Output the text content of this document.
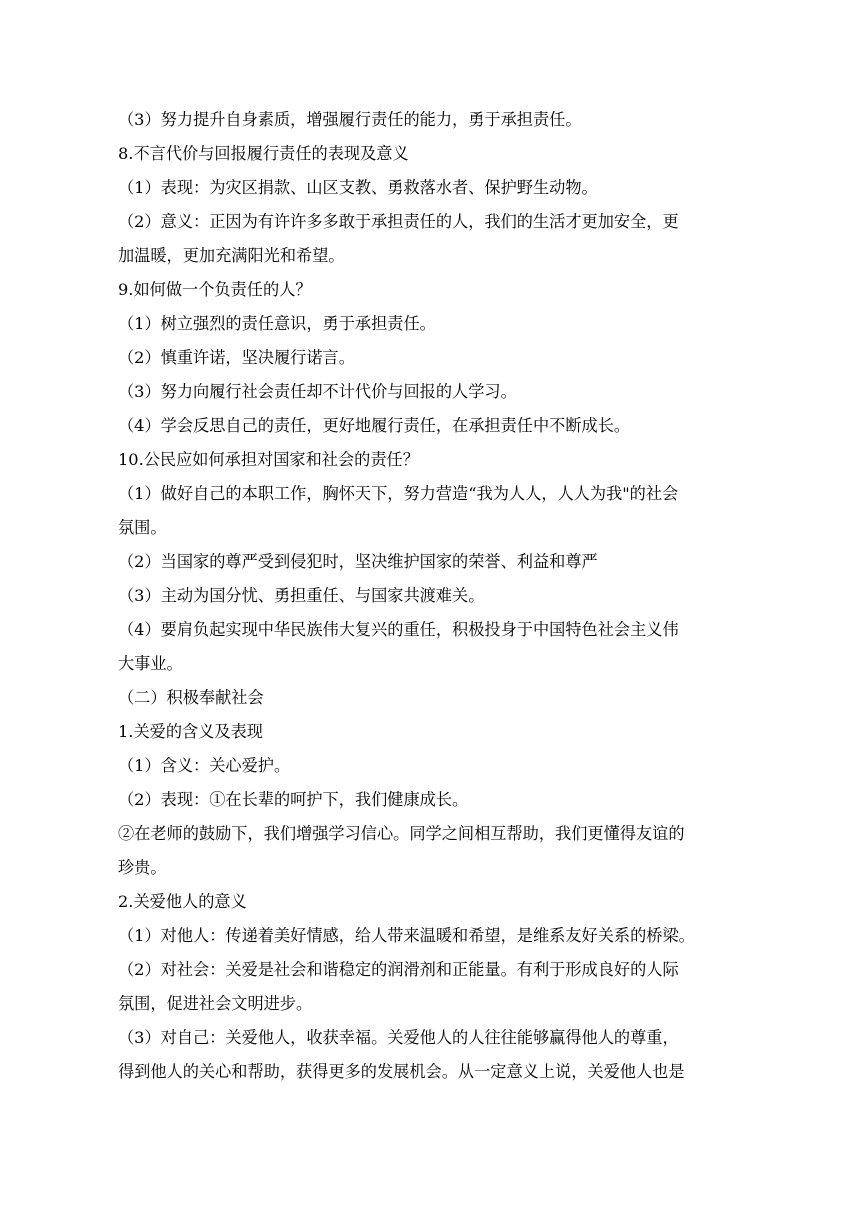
（3）努力提升自身素质，增强履行责任的能力，勇于承担责任。
8.不言代价与回报履行责任的表现及意义
（1）表现：为灾区捐款、山区支教、勇救落水者、保护野生动物。
（2）意义：正因为有许许多多敢于承担责任的人，我们的生活才更加安全，更
加温暖，更加充满阳光和希望。
9.如何做一个负责任的人？
（1）树立强烈的责任意识，勇于承担责任。
（2）慎重许诺，坚决履行诺言。
（3）努力向履行社会责任却不计代价与回报的人学习。
（4）学会反思自己的责任，更好地履行责任，在承担责任中不断成长。
10.公民应如何承担对国家和社会的责任？
（1）做好自己的本职工作，胸怀天下，努力营造“我为人人，人人为我"的社会
氛围。
（2）当国家的尊严受到侵犯时，坚决维护国家的荣誉、利益和尊严
（3）主动为国分忧、勇担重任、与国家共渡难关。
（4）要肩负起实现中华民族伟大复兴的重任，积极投身于中国特色社会主义伟
大事业。
（二）积极奉献社会
1.关爱的含义及表现
（1）含义：关心爱护。
（2）表现：①在长辈的呵护下，我们健康成长。
②在老师的鼓励下，我们增强学习信心。同学之间相互帮助，我们更懂得友谊的
珍贵。
2.关爱他人的意义
（1）对他人：传递着美好情感，给人带来温暖和希望，是维系友好关系的桥梁。
（2）对社会：关爱是社会和谐稳定的润滑剂和正能量。有利于形成良好的人际
氛围，促进社会文明进步。
（3）对自己：关爱他人，收获幸福。关爱他人的人往往能够赢得他人的尊重，
得到他人的关心和帮助，获得更多的发展机会。从一定意义上说，关爱他人也是
